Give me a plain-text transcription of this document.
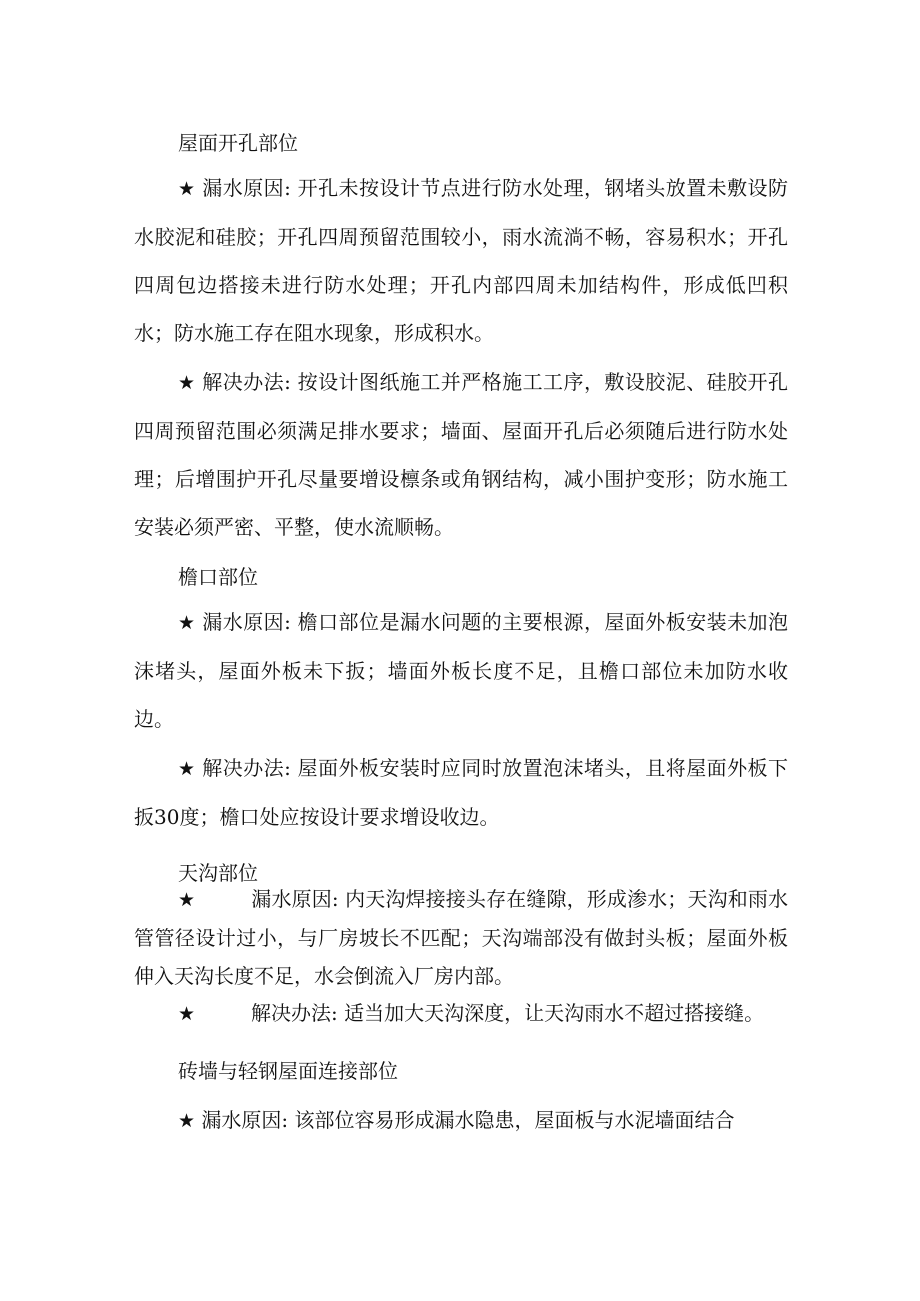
屋面开孔部位
★ 漏水原因: 开孔未按设计节点进行防水处理，钢堵头放置未敷设防水胶泥和硅胶；开孔四周预留范围较小，雨水流淌不畅，容易积水；开孔四周包边搭接未进行防水处理；开孔内部四周未加结构件，形成低凹积水；防水施工存在阻水现象，形成积水。
★ 解决办法: 按设计图纸施工并严格施工工序，敷设胶泥、硅胶开孔四周预留范围必须满足排水要求；墙面、屋面开孔后必须随后进行防水处理；后增围护开孔尽量要增设檩条或角钢结构，减小围护变形；防水施工安装必须严密、平整，使水流顺畅。
檐口部位
★ 漏水原因: 檐口部位是漏水问题的主要根源，屋面外板安装未加泡沫堵头，屋面外板未下扳；墙面外板长度不足，且檐口部位未加防水收边。
★ 解决办法: 屋面外板安装时应同时放置泡沫堵头，且将屋面外板下扳30度；檐口处应按设计要求增设收边。
天沟部位
★	漏水原因: 内天沟焊接接头存在缝隙，形成渗水；天沟和雨水管管径设计过小，与厂房坡长不匹配；天沟端部没有做封头板；屋面外板伸入天沟长度不足，水会倒流入厂房内部。
★	解决办法: 适当加大天沟深度，让天沟雨水不超过搭接缝。
砖墙与轻钢屋面连接部位
★ 漏水原因: 该部位容易形成漏水隐患，屋面板与水泥墙面结合
